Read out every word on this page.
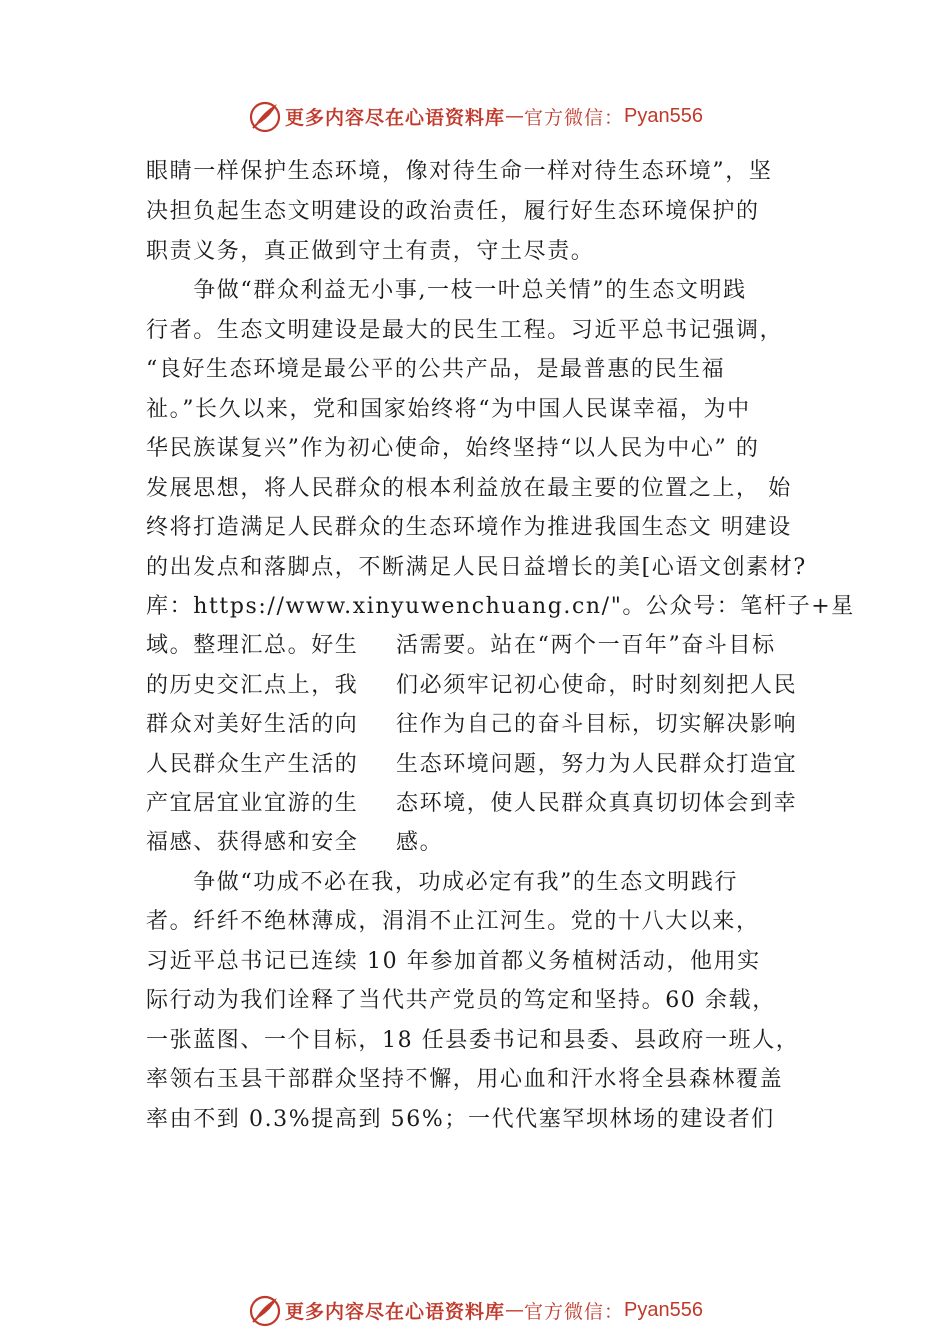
更多内容尽在心语资料库 — 官方微信： Pyan556
眼睛一样保护生态环境，像对待生命一样对待生态环境”，坚
决担负起生态文明建设的政治责任，履行好生态环境保护的
职责义务，真正做到守土有责，守土尽责。
　　争做“群众利益无小事,一枝一叶总关情”的生态文明践
行者。生态文明建设是最大的民生工程。习近平总书记强调，
“良好生态环境是最公平的公共产品，是最普惠的民生福
祉。”长久以来，党和国家始终将“为中国人民谋幸福，为中
华民族谋复兴”作为初心使命，始终坚持“以人民为中心” 的
发展思想，将人民群众的根本利益放在最主要的位置之上， 始
终将打造满足人民群众的生态环境作为推进我国生态文 明建设
的出发点和落脚点，不断满足人民日益增长的美[心语文创素材?
库：https://www.xinyuwenchuang.cn/"。公众号：笔杆子+星
域。整理汇总。好生 活需要。站在“两个一百年”奋斗目标
的历史交汇点上，我 们必须牢记初心使命，时时刻刻把人民
群众对美好生活的向 往作为自己的奋斗目标，切实解决影响
人民群众生产生活的 生态环境问题，努力为人民群众打造宜
产宜居宜业宜游的生 态环境，使人民群众真真切切体会到幸
福感、获得感和安全 感。
　　争做“功成不必在我，功成必定有我”的生态文明践行
者。纤纤不绝林薄成，涓涓不止江河生。党的十八大以来，
习近平总书记已连续 10 年参加首都义务植树活动，他用实
际行动为我们诠释了当代共产党员的笃定和坚持。60 余载，
一张蓝图、一个目标，18 任县委书记和县委、县政府一班人，
率领右玉县干部群众坚持不懈，用心血和汗水将全县森林覆盖
率由不到 0.3%提高到 56%；一代代塞罕坝林场的建设者们
更多内容尽在心语资料库 — 官方微信： Pyan556
